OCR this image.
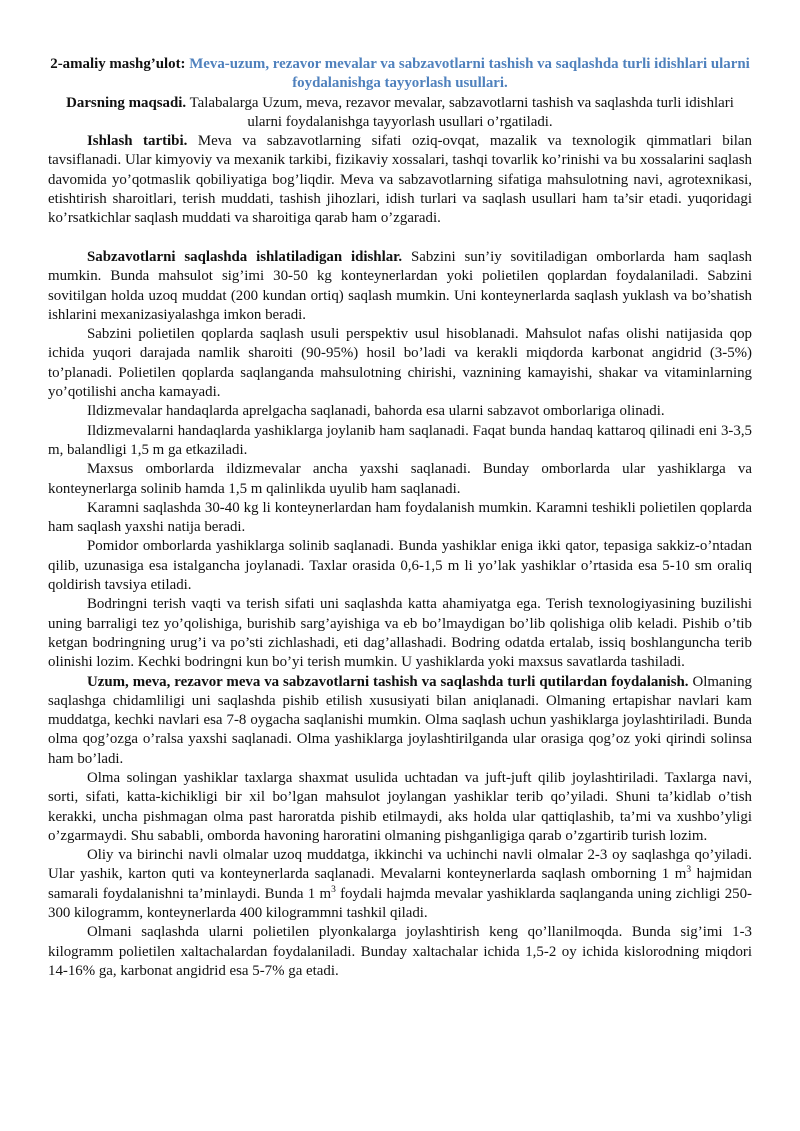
2-amaliy mashg’ulot: Meva-uzum, rezavor mevalar va sabzavotlarni tashish va saqlashda turli idishlari ularni foydalanishga tayyorlash usullari.
Darsning maqsadi. Talabalarga Uzum, meva, rezavor mevalar, sabzavotlarni tashish va saqlashda turli idishlari ularni foydalanishga tayyorlash usullari o’rgatiladi.

Ishlash tartibi. Meva va sabzavotlarning sifati oziq-ovqat, mazalik va texnologik qimmatlari bilan tavsiflanadi. Ular kimyoviy va mexanik tarkibi, fizikaviy xossalari, tashqi tovarlik ko’rinishi va bu xossalarini saqlash davomida yo’qotmaslik qobiliyatiga bog’liqdir. Meva va sabzavotlarning sifatiga mahsulotning navi, agrotexnikasi, etishtirish sharoitlari, terish muddati, tashish jihozlari, idish turlari va saqlash usullari ham ta’sir etadi. yuqoridagi ko’rsatkichlar saqlash muddati va sharoitiga qarab ham o’zgaradi.

Sabzavotlarni saqlashda ishlatiladigan idishlar. Sabzini sun’iy sovitiladigan omborlarda ham saqlash mumkin. Bunda mahsulot sig’imi 30-50 kg konteynerlardan yoki polietilen qoplardan foydalaniladi. Sabzini sovitilgan holda uzoq muddat (200 kundan ortiq) saqlash mumkin. Uni konteynerlarda saqlash yuklash va bo’shatish ishlarini mexanizasiyalashga imkon beradi.

Sabzini polietilen qoplarda saqlash usuli perspektiv usul hisoblanadi. Mahsulot nafas olishi natijasida qop ichida yuqori darajada namlik sharoiti (90-95%) hosil bo’ladi va kerakli miqdorda karbonat angidrid (3-5%) to’planadi. Polietilen qoplarda saqlanganda mahsulotning chirishi, vaznining kamayishi, shakar va vitaminlarning yo’qotilishi ancha kamayadi.

Ildizmevalar handaqlarda aprelgacha saqlanadi, bahorda esa ularni sabzavot omborlariga olinadi.

Ildizmevalarni handaqlarda yashiklarga joylanib ham saqlanadi. Faqat bunda handaq kattaroq qilinadi eni 3-3,5 m, balandligi 1,5 m ga etkaziladi.

Maxsus omborlarda ildizmevalar ancha yaxshi saqlanadi. Bunday omborlarda ular yashiklarga va konteynerlarga solinib hamda 1,5 m qalinlikda uyulib ham saqlanadi.

Karamni saqlashda 30-40 kg li konteynerlardan ham foydalanish mumkin. Karamni teshikli polietilen qoplarda ham saqlash yaxshi natija beradi.

Pomidor omborlarda yashiklarga solinib saqlanadi. Bunda yashiklar eniga ikki qator, tepasiga sakkiz-o’ntadan qilib, uzunasiga esa istalgancha joylanadi. Taxlar orasida 0,6-1,5 m li yo’lak yashiklar o’rtasida esa 5-10 sm oraliq qoldirish tavsiya etiladi.

Bodringni terish vaqti va terish sifati uni saqlashda katta ahamiyatga ega. Terish texnologiyasining buzilishi uning barraligi tez yo’qolishiga, burishib sarg’ayishiga va eb bo’lmaydigan bo’lib qolishiga olib keladi. Pishib o’tib ketgan bodringning urug’i va po’sti zichlashadi, eti dag’allashadi. Bodring odatda ertalab, issiq boshlanguncha terib olinishi lozim. Kechki bodringni kun bo’yi terish mumkin. U yashiklarda yoki maxsus savatlarda tashiladi.

Uzum, meva, rezavor meva va sabzavotlarni tashish va saqlashda turli qutilardan foydalanish. Olmaning saqlashga chidamliligi uni saqlashda pishib etilish xususiyati bilan aniqlanadi. Olmaning ertapishar navlari kam muddatga, kechki navlari esa 7-8 oygacha saqlanishi mumkin. Olma saqlash uchun yashiklarga joylashtiriladi. Bunda olma qog’ozga o’ralsa yaxshi saqlanadi. Olma yashiklarga joylashtirilganda ular orasiga qog’oz yoki qirindi solinsa ham bo’ladi.

Olma solingan yashiklar taxlarga shaxmat usulida uchtadan va juft-juft qilib joylashtiriladi. Taxlarga navi, sorti, sifati, katta-kichikligi bir xil bo’lgan mahsulot joylangan yashiklar terib qo’yiladi. Shuni ta’kidlab o’tish kerakki, uncha pishmagan olma past haroratda pishib etilmaydi, aks holda ular qattiqlashib, ta’mi va xushbo’yligi o’zgarmaydi. Shu sababli, omborda havoning haroratini olmaning pishganligiga qarab o’zgartirib turish lozim.

Oliy va birinchi navli olmalar uzoq muddatga, ikkinchi va uchinchi navli olmalar 2-3 oy saqlashga qo’yiladi. Ular yashik, karton quti va konteynerlarda saqlanadi. Mevalarni konteynerlarda saqlash omborning 1 $m^3$ hajmidan samarali foydalanishni ta’minlaydi. Bunda 1 $m^3$ foydali hajmda mevalar yashiklarda saqlanganda uning zichligi 250-300 kilogramm, konteynerlarda 400 kilogrammni tashkil qiladi.

Olmani saqlashda ularni polietilen plyonkalarga joylashtirish keng qo’llanilmoqda. Bunda sig’imi 1-3 kilogramm polietilen xaltachalardan foydalaniladi. Bunday xaltachalar ichida 1,5-2 oy ichida kislorodning miqdori 14-16% ga, karbonat angidrid esa 5-7% ga etadi.
